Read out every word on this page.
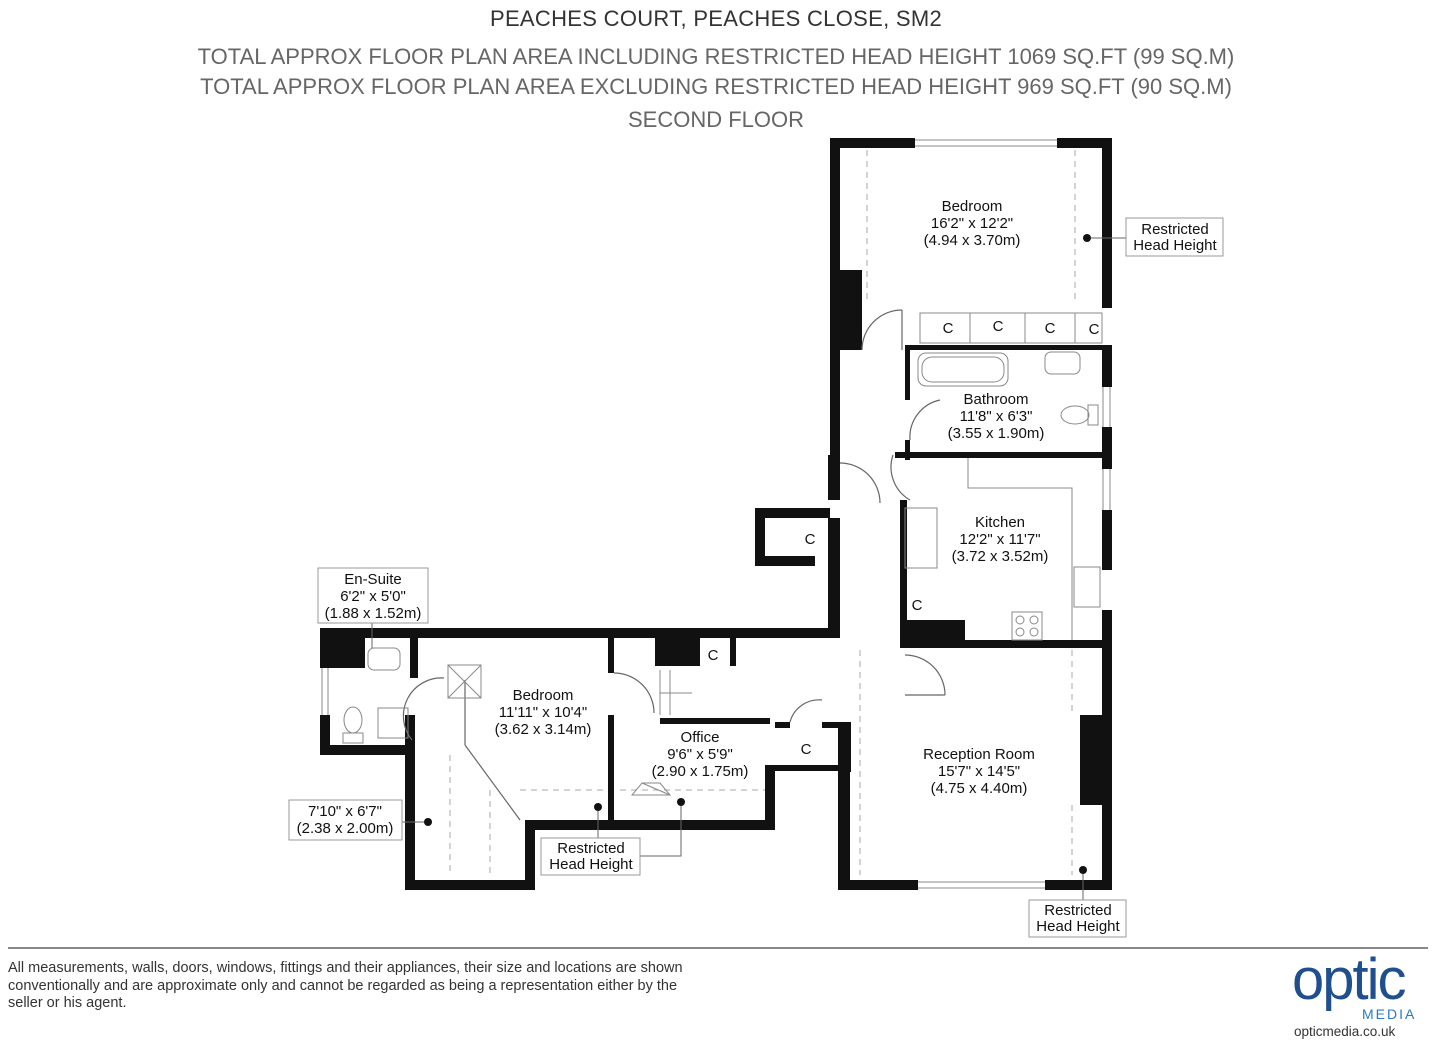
PEACHES COURT, PEACHES CLOSE, SM2
TOTAL APPROX FLOOR PLAN AREA INCLUDING RESTRICTED HEAD HEIGHT 1069 SQ.FT (99 SQ.M)
TOTAL APPROX FLOOR PLAN AREA EXCLUDING RESTRICTED HEAD HEIGHT 969 SQ.FT (90 SQ.M)
SECOND FLOOR
Bedroom
16'2" x 12'2"
(4.94 x 3.70m)
Bathroom
11'8" x 6'3"
(3.55 x 1.90m)
Kitchen
12'2" x 11'7"
(3.72 x 3.52m)
En-Suite
6'2" x 5'0"
(1.88 x 1.52m)
Bedroom
11'11" x 10'4"
(3.62 x 3.14m)	Office
9'6" x 5'9"
(2.90 x 1.75m)
Reception Room
15'7" x 14'5"
(4.75 x 4.40m)
7'10" x 6'7"
(2.38 x 2.00m)
Restricted
Head Height
Restricted
Head Height
Restricted
Head Height
C	C	C C
C
C
C
C
All measurements, walls, doors, windows, fittings and their appliances, their size and locations are shown conventionally and are approximate only and cannot be regarded as being a representation either by the seller or his agent.	optic
MEDIA
opticmedia.co.uk
